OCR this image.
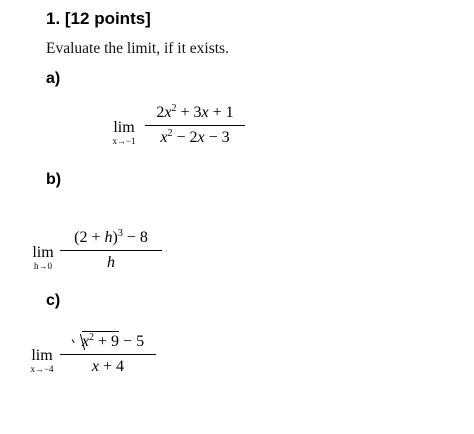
1. [12 points]
Evaluate the limit, if it exists.
a)
lim
x→−1
$2x^2 + 3x + 1$
$x^2 - 2x - 3$
b)
lim
h→0
$(2 + h)^3 - 8$
h
c)
lim
x→−4
$x^2 + 9 - 5$
x + 4
